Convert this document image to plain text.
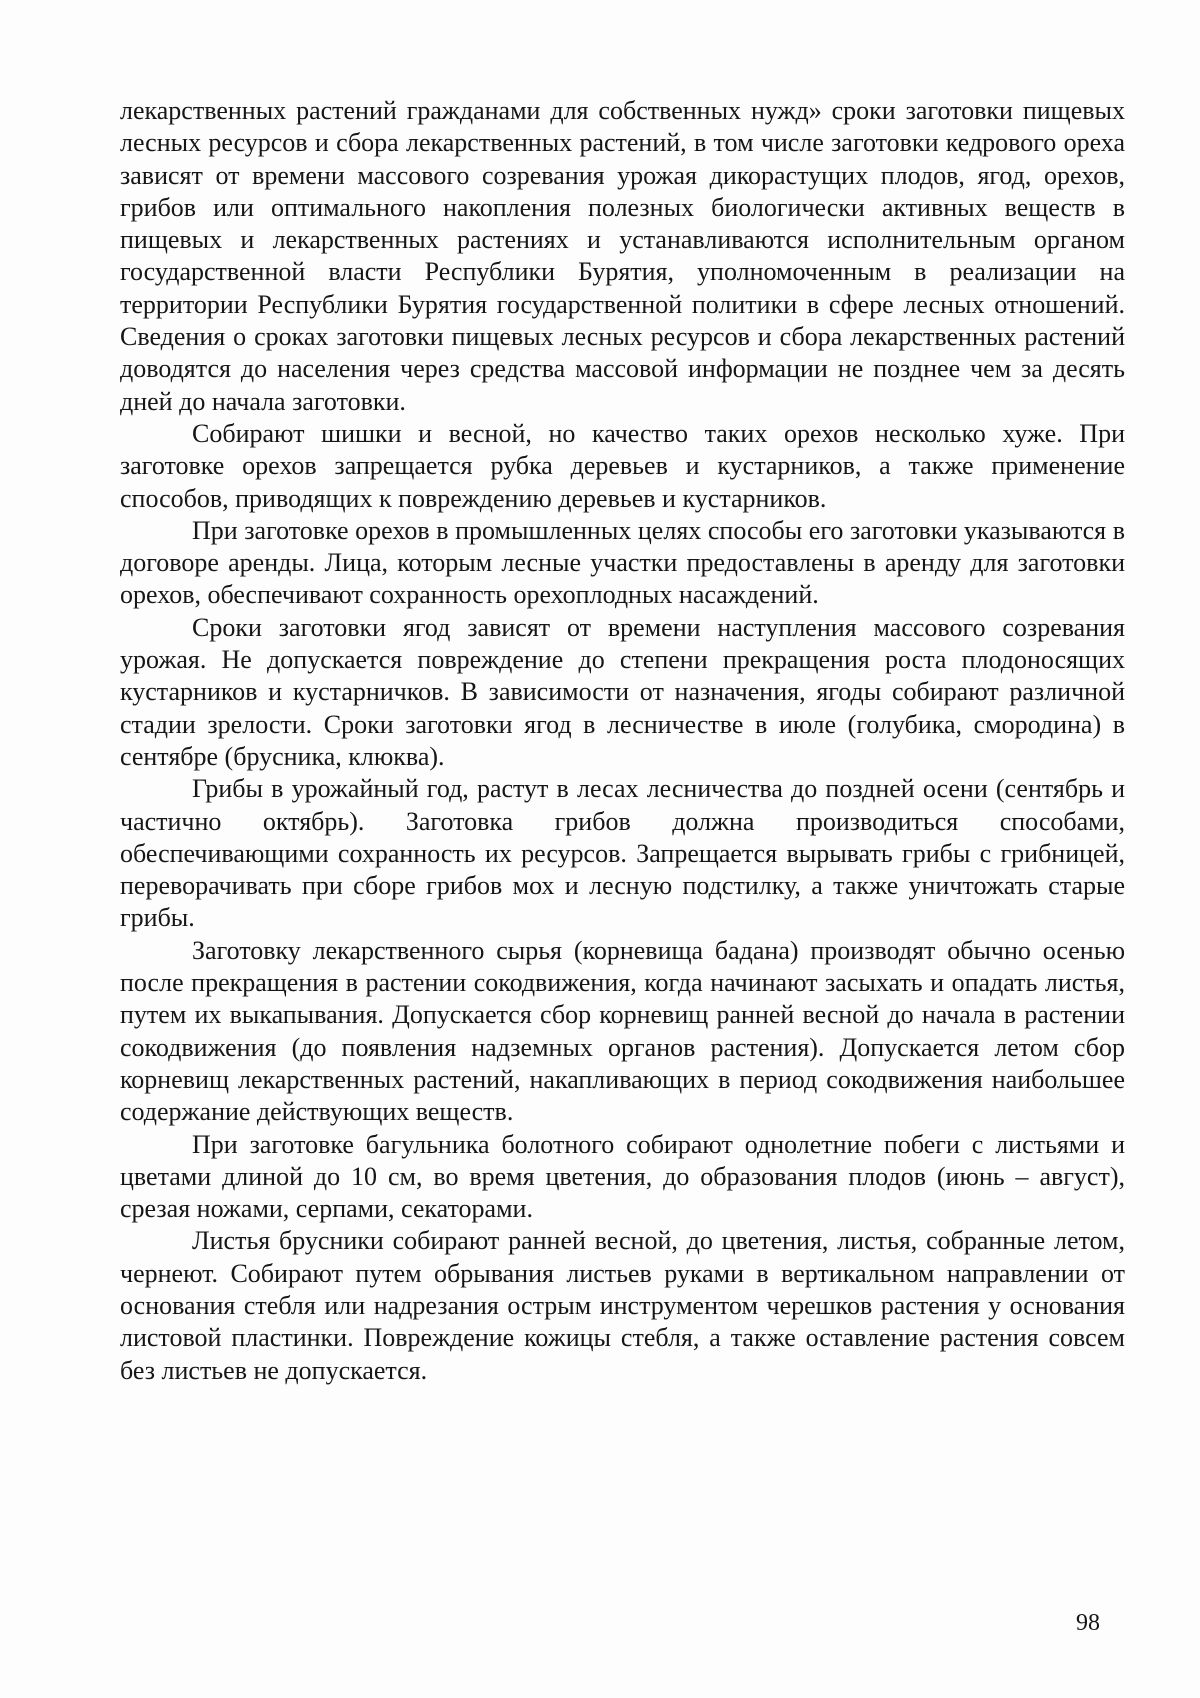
лекарственных растений гражданами для собственных нужд» сроки заготовки пищевых лесных ресурсов и сбора лекарственных растений, в том числе заготовки кедрового ореха зависят от времени массового созревания урожая дикорастущих плодов, ягод, орехов, грибов или оптимального накопления полезных биологически активных веществ в пищевых и лекарственных растениях и устанавливаются исполнительным органом государственной власти Республики Бурятия, уполномоченным в реализации на территории Республики Бурятия государственной политики в сфере лесных отношений. Сведения о сроках заготовки пищевых лесных ресурсов и сбора лекарственных растений доводятся до населения через средства массовой информации не позднее чем за десять дней до начала заготовки.

Собирают шишки и весной, но качество таких орехов несколько хуже. При заготовке орехов запрещается рубка деревьев и кустарников, а также применение способов, приводящих к повреждению деревьев и кустарников.

При заготовке орехов в промышленных целях способы его заготовки указываются в договоре аренды. Лица, которым лесные участки предоставлены в аренду для заготовки орехов, обеспечивают сохранность орехоплодных насаждений.

Сроки заготовки ягод зависят от времени наступления массового созревания урожая. Не допускается повреждение до степени прекращения роста плодоносящих кустарников и кустарничков. В зависимости от назначения, ягоды собирают различной стадии зрелости. Сроки заготовки ягод в лесничестве в июле (голубика, смородина) в сентябре (брусника, клюква).

Грибы в урожайный год, растут в лесах лесничества до поздней осени (сентябрь и частично октябрь). Заготовка грибов должна производиться способами, обеспечивающими сохранность их ресурсов. Запрещается вырывать грибы с грибницей, переворачивать при сборе грибов мох и лесную подстилку, а также уничтожать старые грибы.

Заготовку лекарственного сырья (корневища бадана) производят обычно осенью после прекращения в растении сокодвижения, когда начинают засыхать и опадать листья, путем их выкапывания. Допускается сбор корневищ ранней весной до начала в растении сокодвижения (до появления надземных органов растения). Допускается летом сбор корневищ лекарственных растений, накапливающих в период сокодвижения наибольшее содержание действующих веществ.

При заготовке багульника болотного собирают однолетние побеги с листьями и цветами длиной до 10 см, во время цветения, до образования плодов (июнь – август), срезая ножами, серпами, секаторами.

Листья брусники собирают ранней весной, до цветения, листья, собранные летом, чернеют. Собирают путем обрывания листьев руками в вертикальном направлении от основания стебля или надрезания острым инструментом черешков растения у основания листовой пластинки. Повреждение кожицы стебля, а также оставление растения совсем без листьев не допускается.

98
